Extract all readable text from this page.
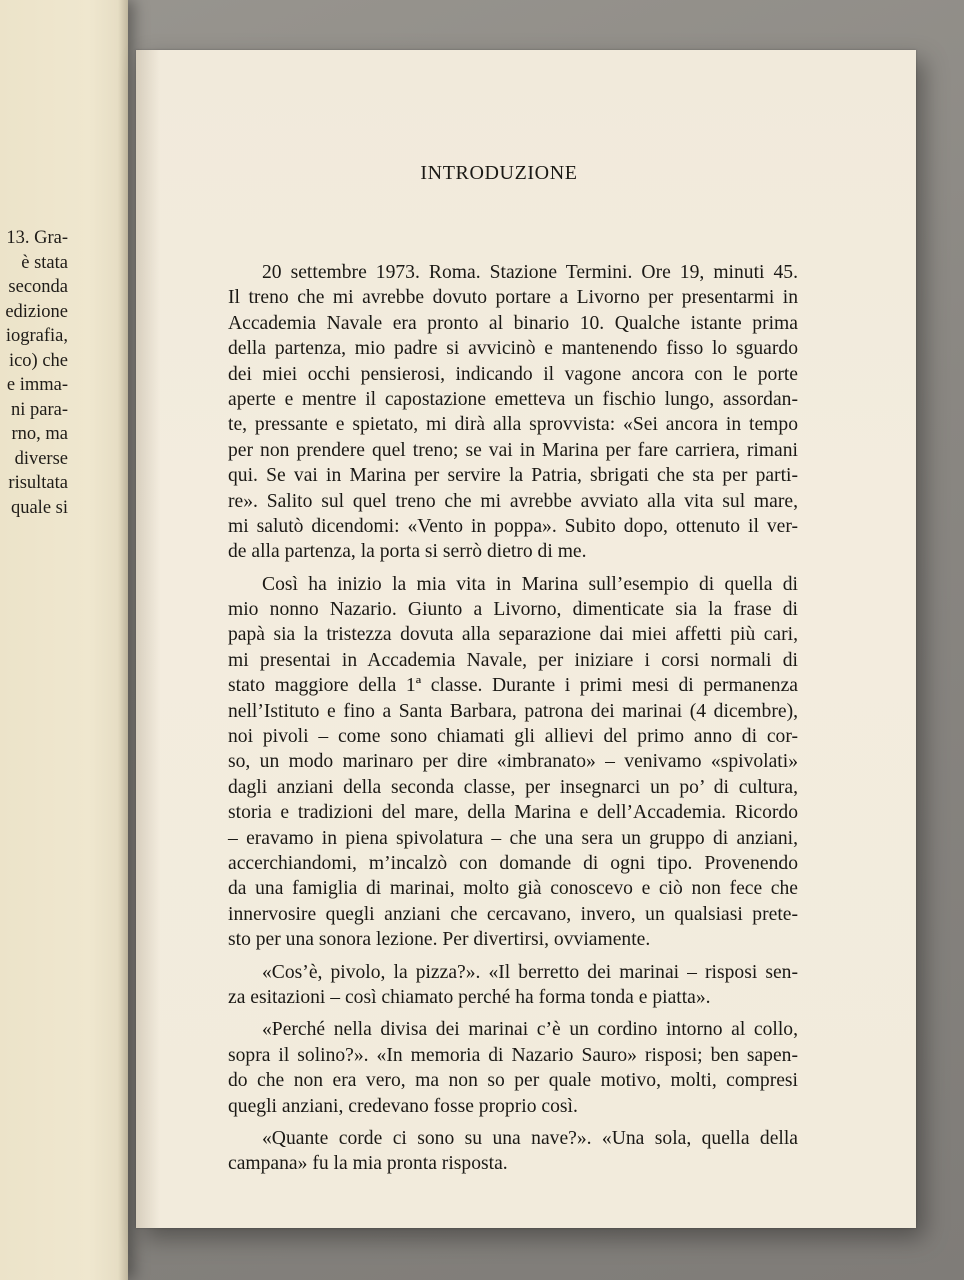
13. Gra-
è stata
seconda
edizione
iografia,
ico) che
e imma-
ni para-
rno, ma
diverse
risultata
quale si
INTRODUZIONE

20 settembre 1973. Roma. Stazione Termini. Ore 19, minuti 45.
Il treno che mi avrebbe dovuto portare a Livorno per presentarmi in
Accademia Navale era pronto al binario 10. Qualche istante prima
della partenza, mio padre si avvicinò e mantenendo fisso lo sguardo
dei miei occhi pensierosi, indicando il vagone ancora con le porte
aperte e mentre il capostazione emetteva un fischio lungo, assordan-
te, pressante e spietato, mi dirà alla sprovvista: «Sei ancora in tempo
per non prendere quel treno; se vai in Marina per fare carriera, rimani
qui. Se vai in Marina per servire la Patria, sbrigati che sta per parti-
re». Salito sul quel treno che mi avrebbe avviato alla vita sul mare,
mi salutò dicendomi: «Vento in poppa». Subito dopo, ottenuto il ver-
de alla partenza, la porta si serrò dietro di me.

Così ha inizio la mia vita in Marina sull’esempio di quella di
mio nonno Nazario. Giunto a Livorno, dimenticate sia la frase di
papà sia la tristezza dovuta alla separazione dai miei affetti più cari,
mi presentai in Accademia Navale, per iniziare i corsi normali di
stato maggiore della 1ª classe. Durante i primi mesi di permanenza
nell’Istituto e fino a Santa Barbara, patrona dei marinai (4 dicembre),
noi pivoli – come sono chiamati gli allievi del primo anno di cor-
so, un modo marinaro per dire «imbranato» – venivamo «spivolati»
dagli anziani della seconda classe, per insegnarci un po’ di cultura,
storia e tradizioni del mare, della Marina e dell’Accademia. Ricordo
– eravamo in piena spivolatura – che una sera un gruppo di anziani,
accerchiandomi, m’incalzò con domande di ogni tipo. Provenendo
da una famiglia di marinai, molto già conoscevo e ciò non fece che
innervosire quegli anziani che cercavano, invero, un qualsiasi prete-
sto per una sonora lezione. Per divertirsi, ovviamente.

«Cos’è, pivolo, la pizza?». «Il berretto dei marinai – risposi sen-
za esitazioni – così chiamato perché ha forma tonda e piatta».

«Perché nella divisa dei marinai c’è un cordino intorno al collo,
sopra il solino?». «In memoria di Nazario Sauro» risposi; ben sapen-
do che non era vero, ma non so per quale motivo, molti, compresi
quegli anziani, credevano fosse proprio così.

«Quante corde ci sono su una nave?». «Una sola, quella della
campana» fu la mia pronta risposta.
